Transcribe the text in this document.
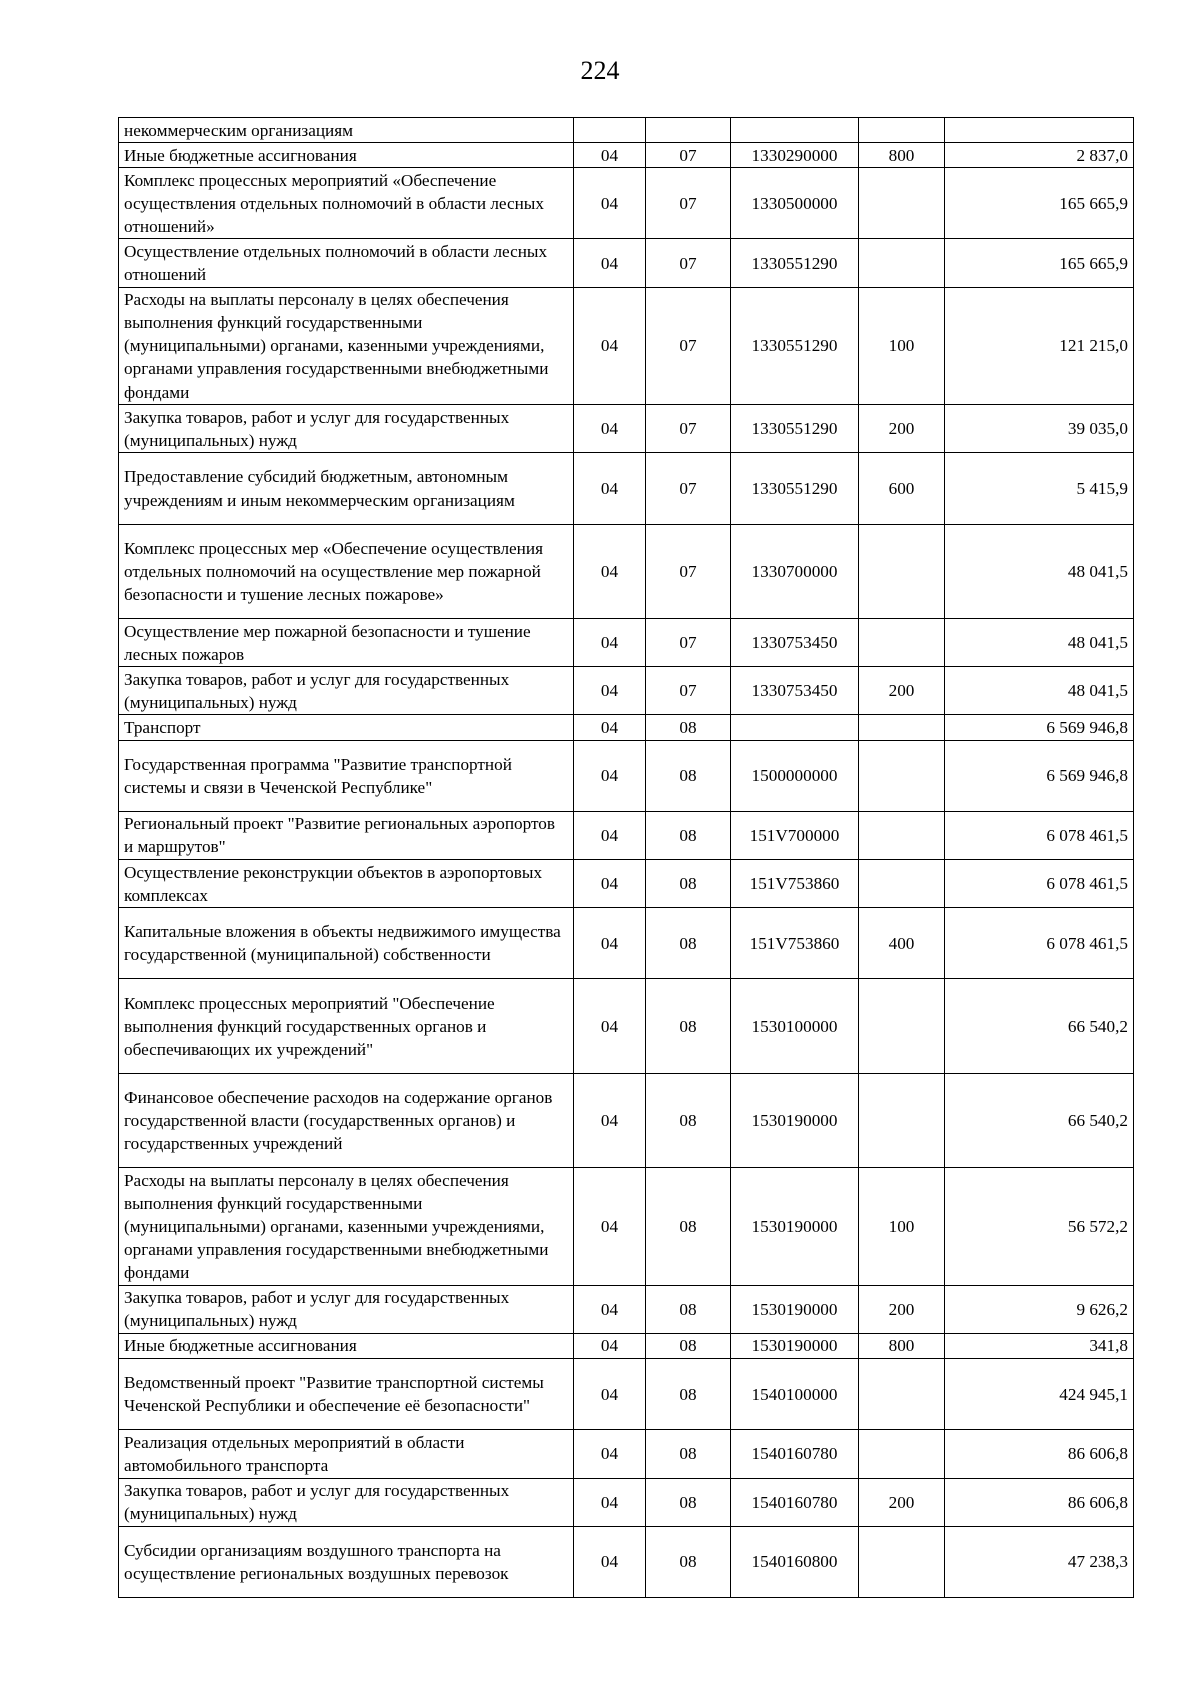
224
некоммерческим организациям					
Иные бюджетные ассигнования	04	07	1330290000	800	2 837,0
Комплекс процессных мероприятий «Обеспечение осуществления отдельных полномочий в области лесных отношений»	04	07	1330500000		165 665,9
Осуществление отдельных полномочий в области лесных отношений	04	07	1330551290		165 665,9
Расходы на выплаты персоналу в целях обеспечения выполнения функций государственными (муниципальными) органами, казенными учреждениями, органами управления государственными внебюджетными фондами	04	07	1330551290	100	121 215,0
Закупка товаров, работ и услуг для государственных (муниципальных) нужд	04	07	1330551290	200	39 035,0
Предоставление субсидий бюджетным, автономным учреждениям и иным некоммерческим организациям	04	07	1330551290	600	5 415,9
Комплекс процессных мер «Обеспечение осуществления отдельных полномочий на осуществление мер пожарной безопасности и тушение лесных пожарове»	04	07	1330700000		48 041,5
Осуществление мер пожарной безопасности и тушение лесных пожаров	04	07	1330753450		48 041,5
Закупка товаров, работ и услуг для государственных (муниципальных) нужд	04	07	1330753450	200	48 041,5
Транспорт	04	08			6 569 946,8
Государственная программа "Развитие транспортной системы и связи в Чеченской Республике"	04	08	1500000000		6 569 946,8
Региональный проект "Развитие региональных аэропортов и маршрутов"	04	08	151V700000		6 078 461,5
Осуществление реконструкции объектов в аэропортовых комплексах	04	08	151V753860		6 078 461,5
Капитальные вложения в объекты недвижимого имущества государственной (муниципальной) собственности	04	08	151V753860	400	6 078 461,5
Комплекс процессных мероприятий "Обеспечение выполнения функций государственных органов и обеспечивающих их учреждений"	04	08	1530100000		66 540,2
Финансовое обеспечение расходов на содержание органов государственной власти (государственных органов) и государственных учреждений	04	08	1530190000		66 540,2
Расходы на выплаты персоналу в целях обеспечения выполнения функций государственными (муниципальными) органами, казенными учреждениями, органами управления государственными внебюджетными фондами	04	08	1530190000	100	56 572,2
Закупка товаров, работ и услуг для государственных (муниципальных) нужд	04	08	1530190000	200	9 626,2
Иные бюджетные ассигнования	04	08	1530190000	800	341,8
Ведомственный проект "Развитие транспортной системы Чеченской Республики и обеспечение её безопасности"	04	08	1540100000		424 945,1
Реализация отдельных мероприятий в области автомобильного транспорта	04	08	1540160780		86 606,8
Закупка товаров, работ и услуг для государственных (муниципальных) нужд	04	08	1540160780	200	86 606,8
Субсидии организациям воздушного транспорта на осуществление региональных воздушных перевозок	04	08	1540160800		47 238,3
